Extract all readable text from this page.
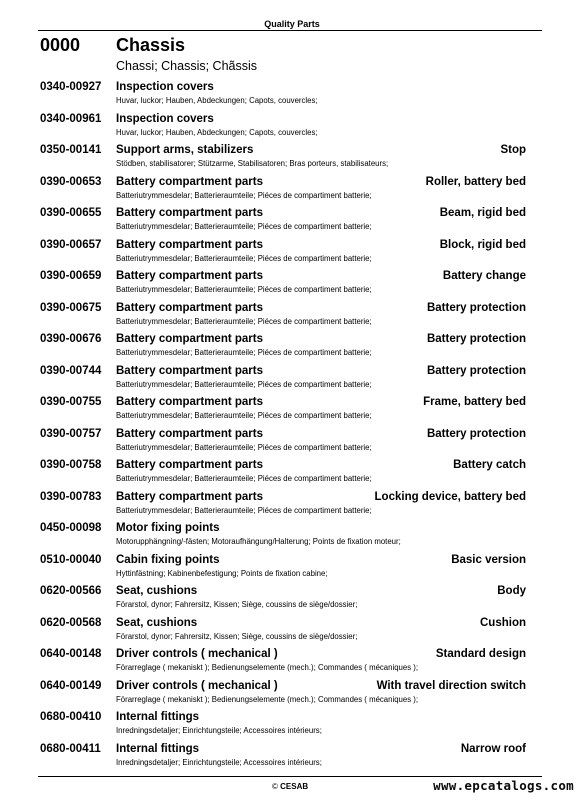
Quality Parts
0000 Chassis
Chassi; Chassis; Chãssis
0340-00927 Inspection covers
Huvar, luckor; Hauben, Abdeckungen; Capots, couvercles;
0340-00961 Inspection covers
Huvar, luckor; Hauben, Abdeckungen; Capots, couvercles;
0350-00141 Support arms, stabilizers	Stop
Stödben, stabilisatorer; Stützarme, Stabilisatoren; Bras porteurs, stabilisateurs;
0390-00653 Battery compartment parts	Roller, battery bed
Batteriutrymmesdelar; Batterieraumteile; Piéces de compartiment batterie;
0390-00655 Battery compartment parts	Beam, rigid bed
Batteriutrymmesdelar; Batterieraumteile; Piéces de compartiment batterie;
0390-00657 Battery compartment parts	Block, rigid bed
Batteriutrymmesdelar; Batterieraumteile; Piéces de compartiment batterie;
0390-00659 Battery compartment parts	Battery change
Batteriutrymmesdelar; Batterieraumteile; Piéces de compartiment batterie;
0390-00675 Battery compartment parts	Battery protection
Batteriutrymmesdelar; Batterieraumteile; Piéces de compartiment batterie;
0390-00676 Battery compartment parts	Battery protection
Batteriutrymmesdelar; Batterieraumteile; Piéces de compartiment batterie;
0390-00744 Battery compartment parts	Battery protection
Batteriutrymmesdelar; Batterieraumteile; Piéces de compartiment batterie;
0390-00755 Battery compartment parts	Frame, battery bed
Batteriutrymmesdelar; Batterieraumteile; Piéces de compartiment batterie;
0390-00757 Battery compartment parts	Battery protection
Batteriutrymmesdelar; Batterieraumteile; Piéces de compartiment batterie;
0390-00758 Battery compartment parts	Battery catch
Batteriutrymmesdelar; Batterieraumteile; Piéces de compartiment batterie;
0390-00783 Battery compartment parts	Locking device, battery bed
Batteriutrymmesdelar; Batterieraumteile; Piéces de compartiment batterie;
0450-00098 Motor fixing points
Motorupphängning/-fästen; Motoraufhängung/Halterung; Points de fixation moteur;
0510-00040 Cabin fixing points	Basic version
Hyttinfästning; Kabinenbefestigung; Points de fixation cabine;
0620-00566 Seat, cushions	Body
Förarstol, dynor; Fahrersitz, Kissen; Siège, coussins de siège/dossier;
0620-00568 Seat, cushions	Cushion
Förarstol, dynor; Fahrersitz, Kissen; Siège, coussins de siège/dossier;
0640-00148 Driver controls ( mechanical )	Standard design
Förarreglage ( mekaniskt ); Bedienungselemente (mech.); Commandes ( mécaniques );
0640-00149 Driver controls ( mechanical )	With travel direction switch
Förarreglage ( mekaniskt ); Bedienungselemente (mech.); Commandes ( mécaniques );
0680-00410 Internal fittings
Inredningsdetaljer; Einrichtungsteile; Accessoires intérieurs;
0680-00411 Internal fittings	Narrow roof
Inredningsdetaljer; Einrichtungsteile; Accessoires intérieurs;
© CESAB	www.epcatalogs.com
